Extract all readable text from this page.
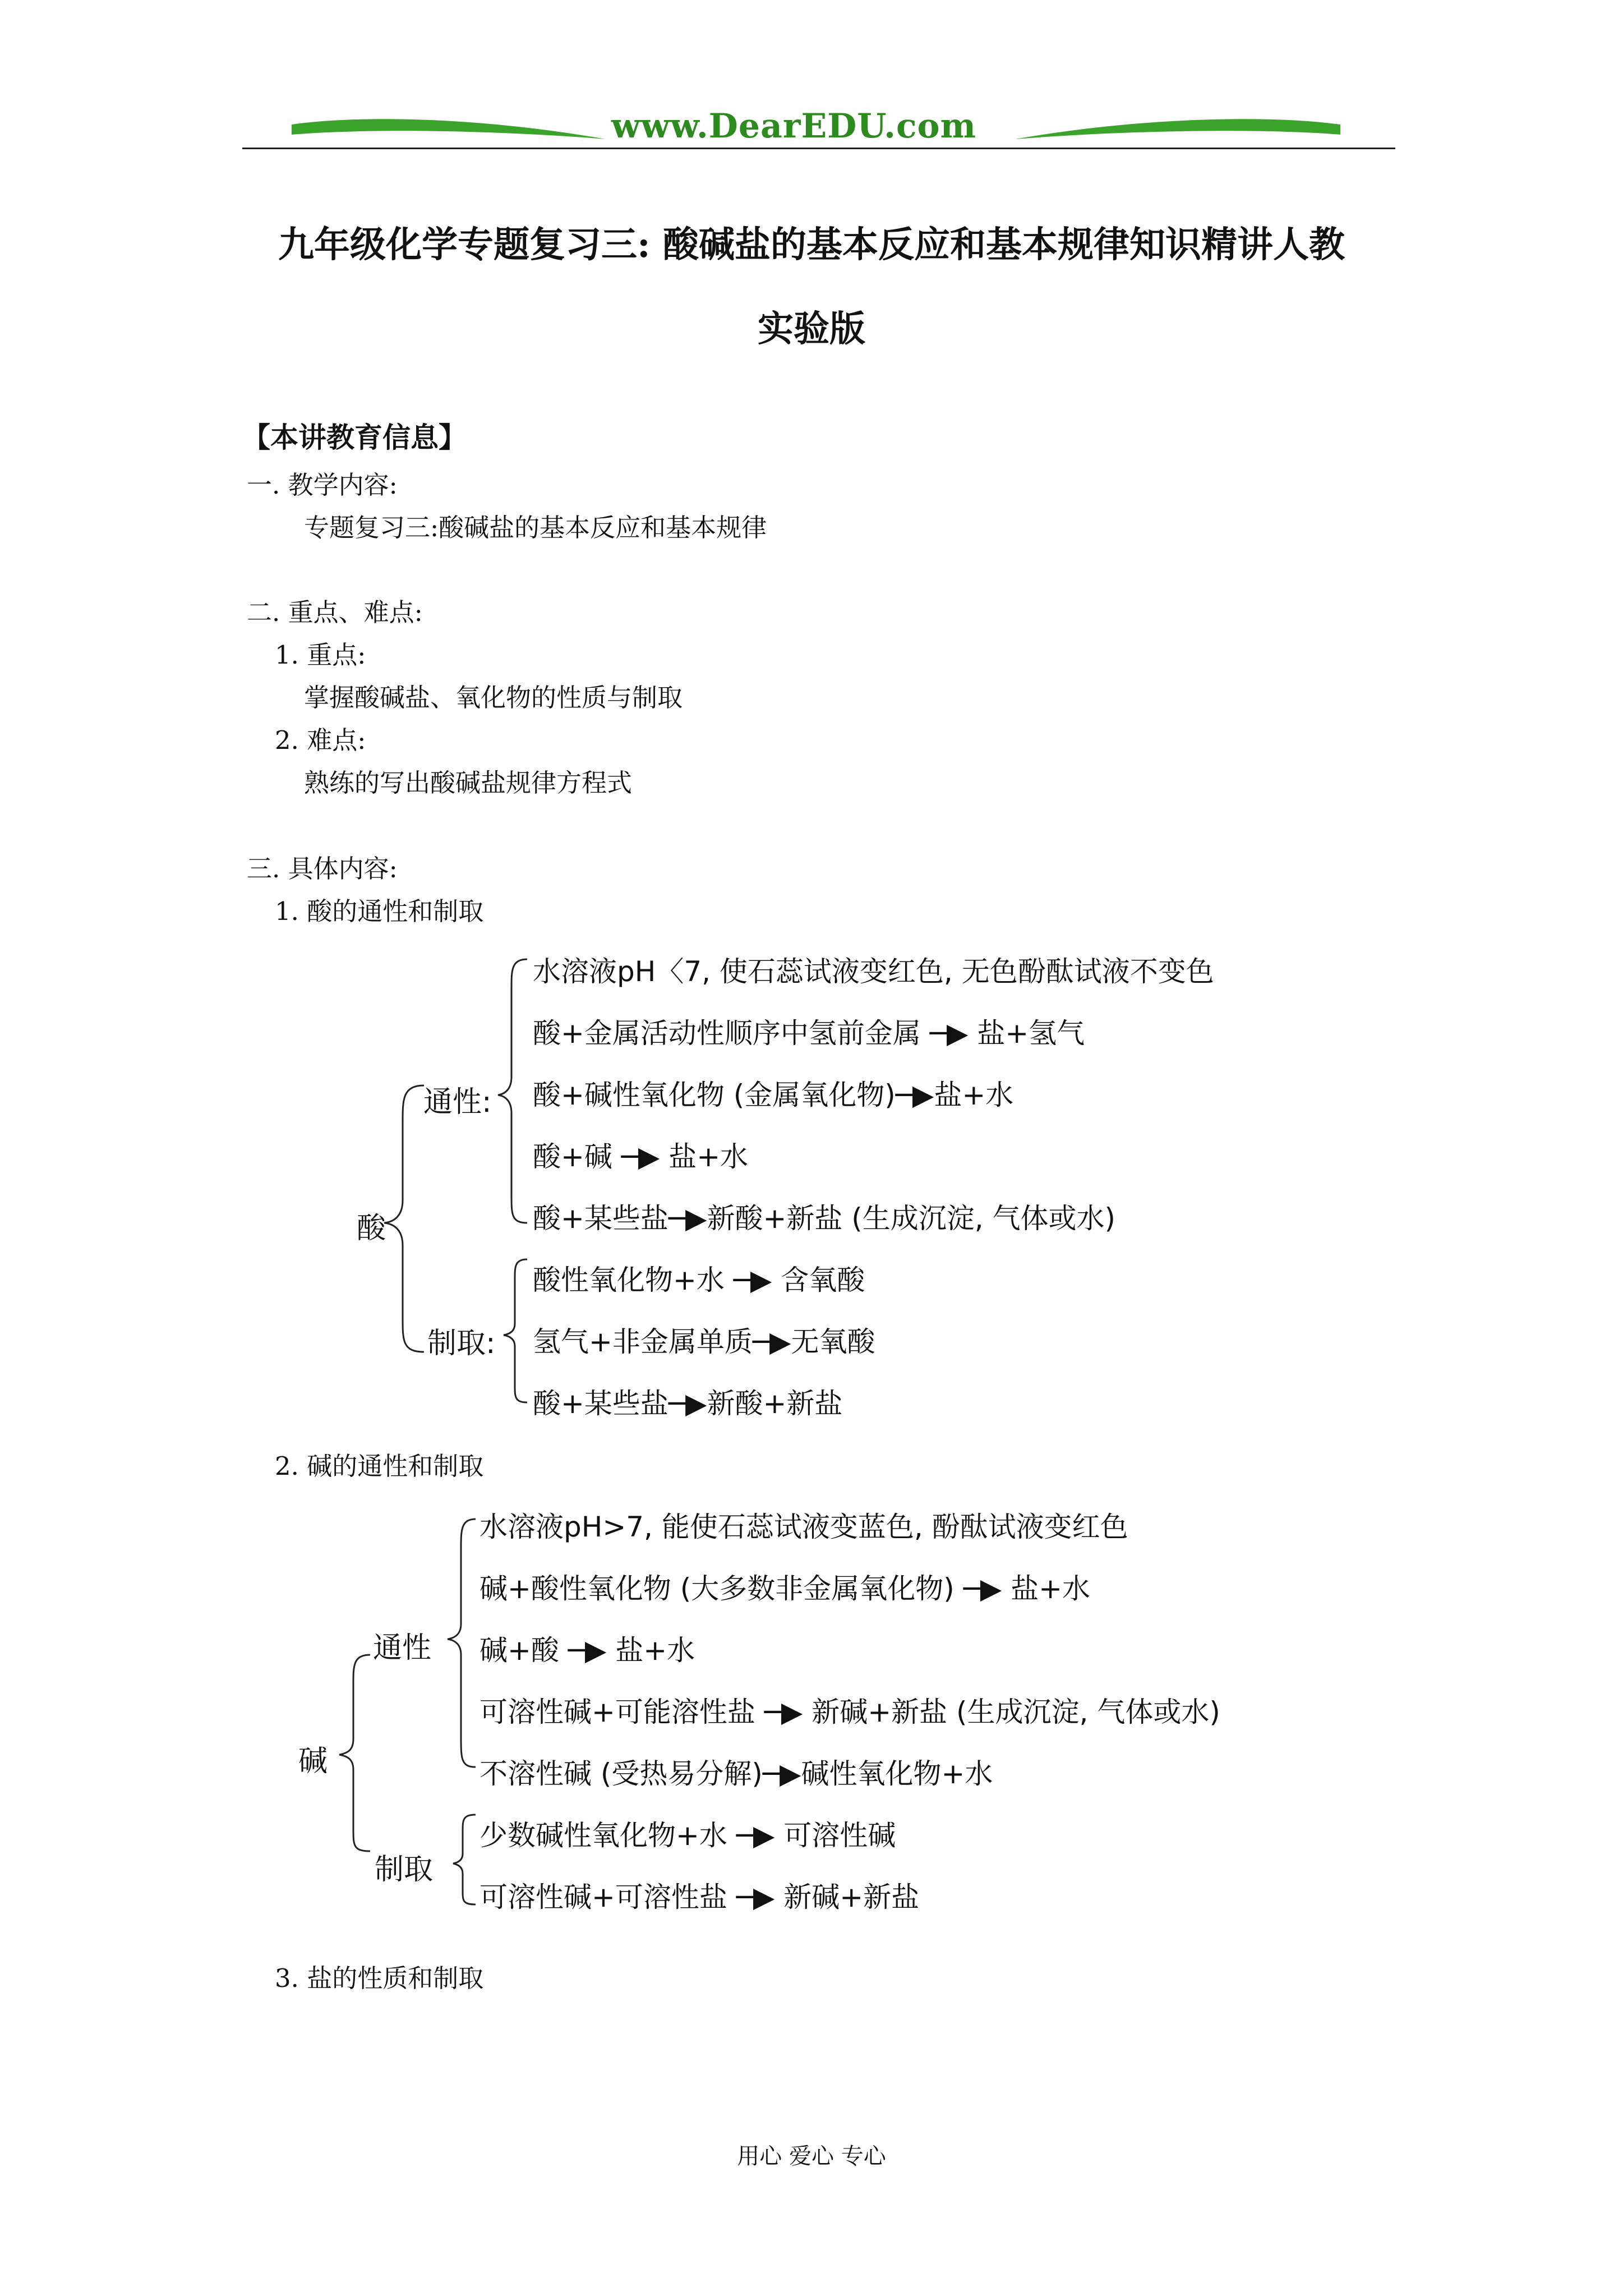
www.DearEDU.com
九年级化学专题复习三: 酸碱盐的基本反应和基本规律知识精讲人教
实验版
【本讲教育信息】
一. 教学内容:
专题复习三:酸碱盐的基本反应和基本规律
二. 重点、难点:
1. 重点:
掌握酸碱盐、氧化物的性质与制取
2. 难点:
熟练的写出酸碱盐规律方程式
三. 具体内容:
1. 酸的通性和制取
酸
通性:
水溶液pH〈7, 使石蕊试液变红色, 无色酚酞试液不变色
酸+金属活动性顺序中氢前金属 ─▶ 盐+氢气
酸+碱性氧化物 (金属氧化物)─▶盐+水
酸+碱 ─▶ 盐+水
酸+某些盐─▶新酸+新盐 (生成沉淀, 气体或水)
制取:
酸性氧化物+水 ─▶ 含氧酸
氢气+非金属单质─▶无氧酸
酸+某些盐─▶新酸+新盐
2. 碱的通性和制取
碱
通性
水溶液pH>7, 能使石蕊试液变蓝色, 酚酞试液变红色
碱+酸性氧化物 (大多数非金属氧化物) ─▶ 盐+水
碱+酸 ─▶ 盐+水
可溶性碱+可能溶性盐 ─▶ 新碱+新盐 (生成沉淀, 气体或水)
不溶性碱 (受热易分解)─▶碱性氧化物+水
制取
少数碱性氧化物+水 ─▶ 可溶性碱
可溶性碱+可溶性盐 ─▶ 新碱+新盐
3. 盐的性质和制取
用心 爱心 专心
